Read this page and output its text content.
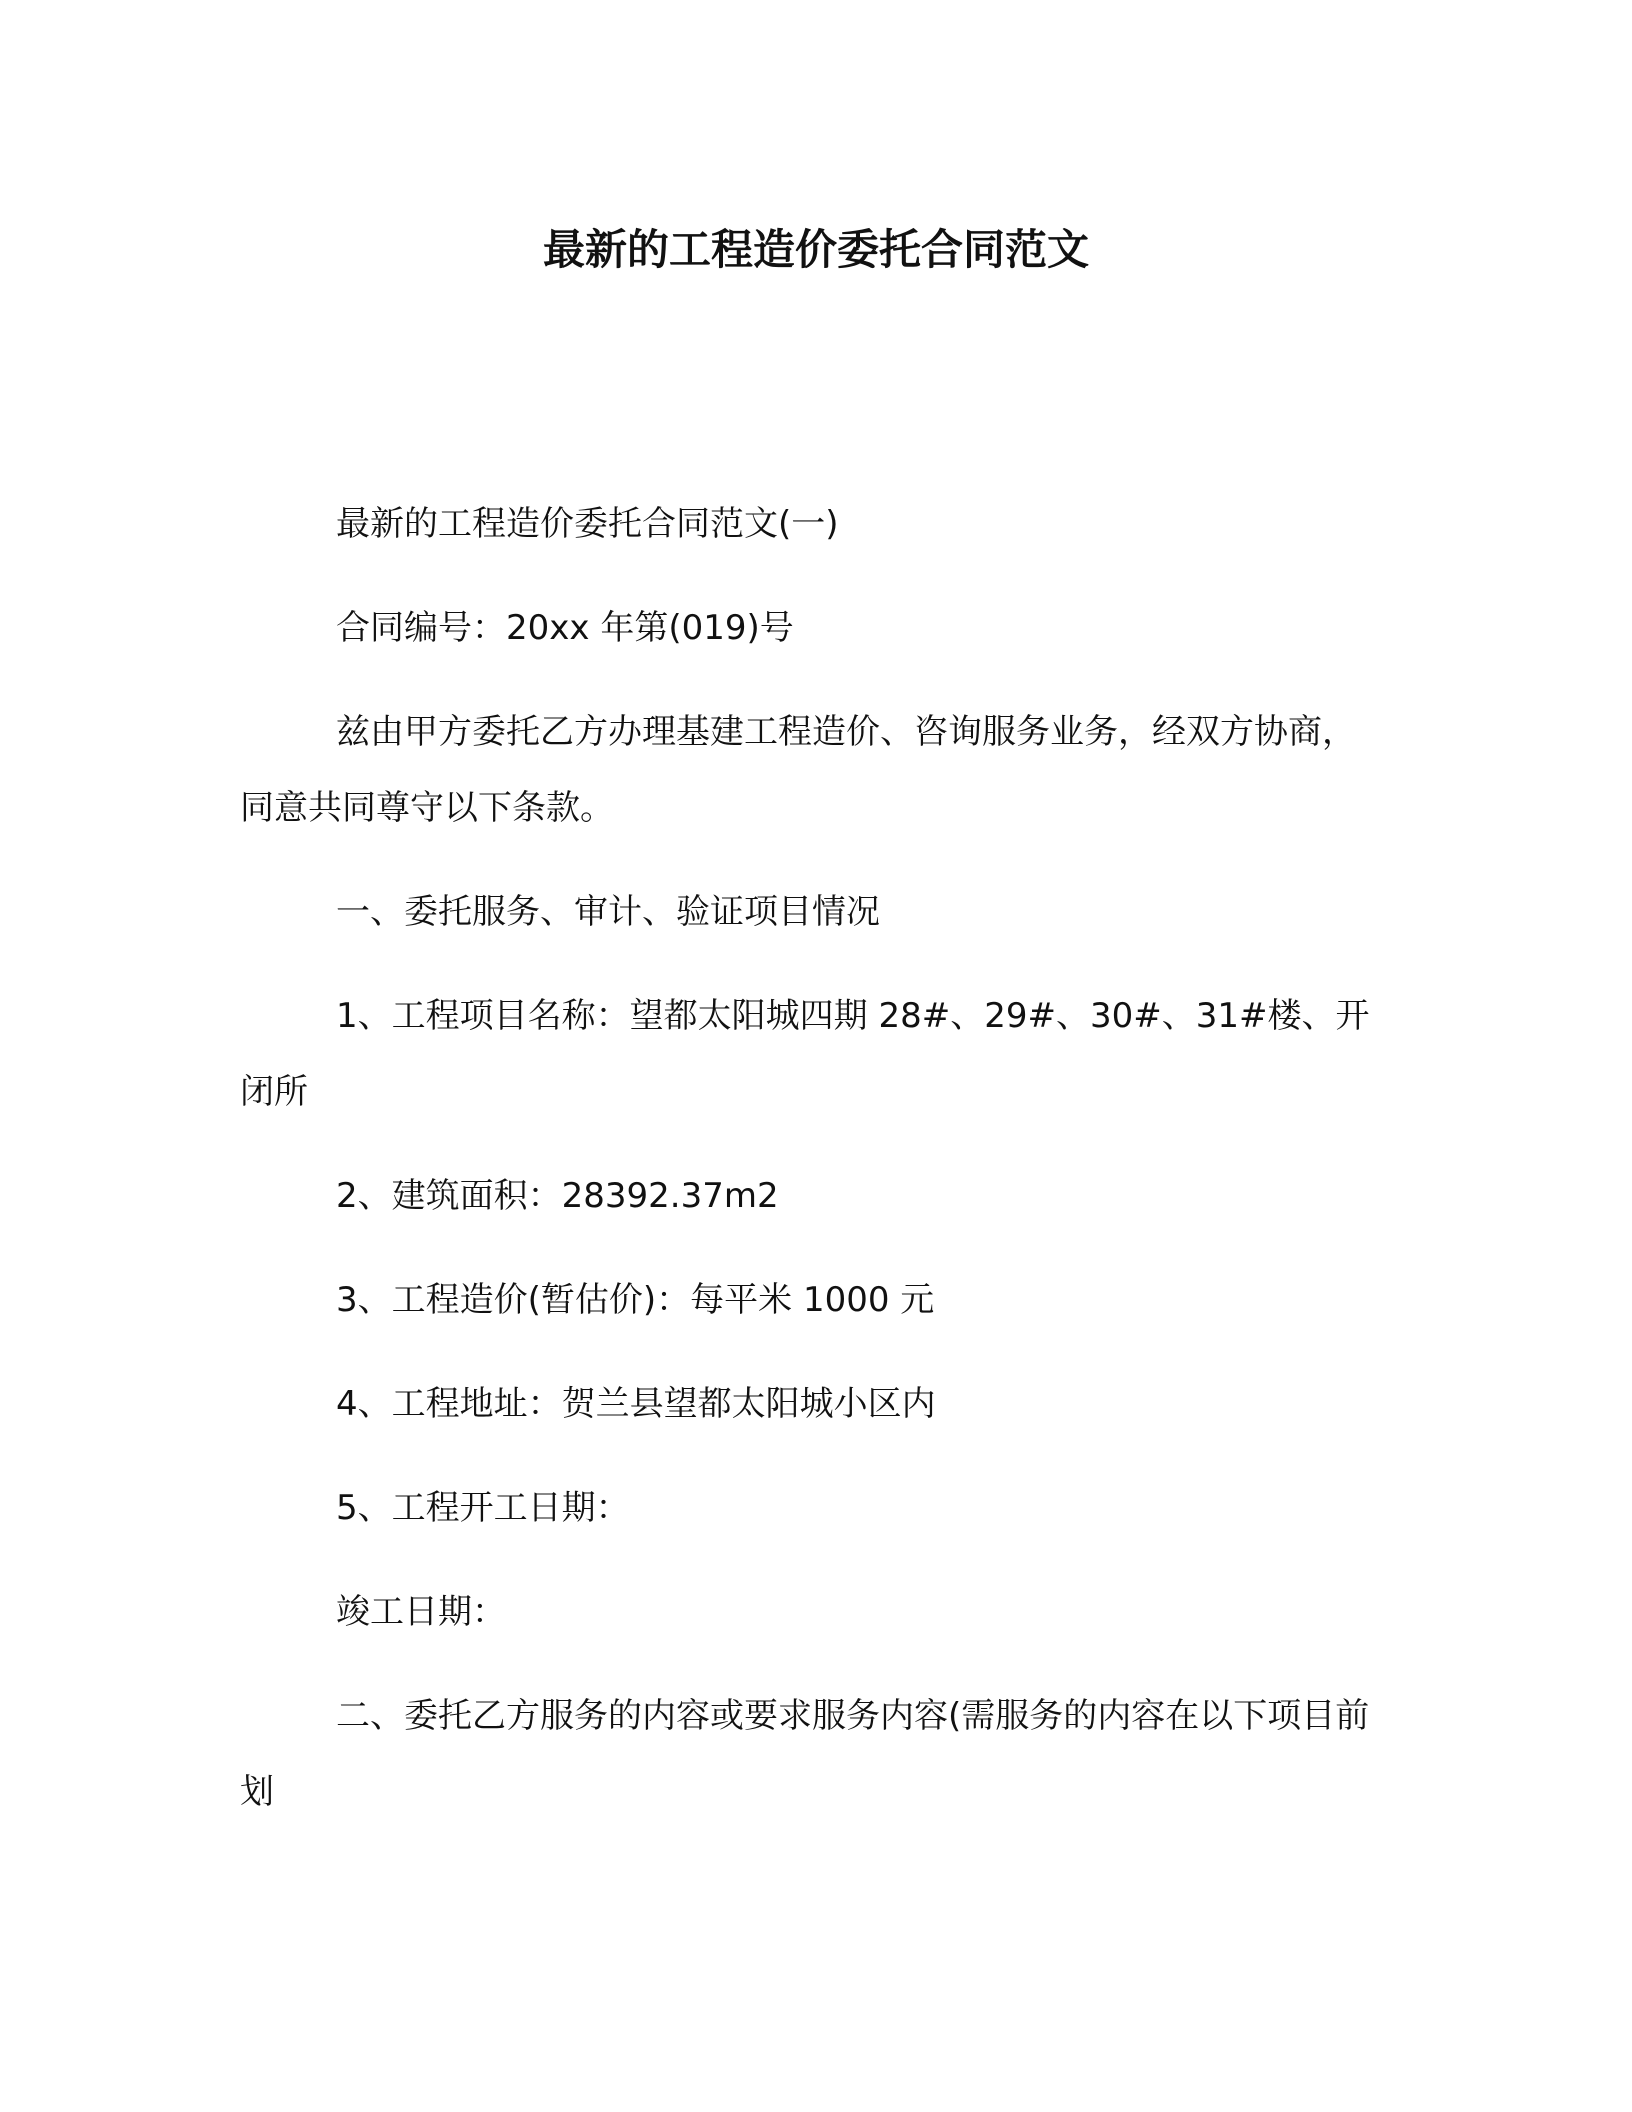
最新的工程造价委托合同范文

最新的工程造价委托合同范文(一)

合同编号：20xx 年第(019)号

兹由甲方委托乙方办理基建工程造价、咨询服务业务，经双方协商，同意共同尊守以下条款。

一、委托服务、审计、验证项目情况

1、工程项目名称：望都太阳城四期 28#、29#、30#、31#楼、开闭所

2、建筑面积：28392.37m2

3、工程造价(暂估价)：每平米 1000 元

4、工程地址：贺兰县望都太阳城小区内

5、工程开工日期：

竣工日期：

二、委托乙方服务的内容或要求服务内容(需服务的内容在以下项目前划
